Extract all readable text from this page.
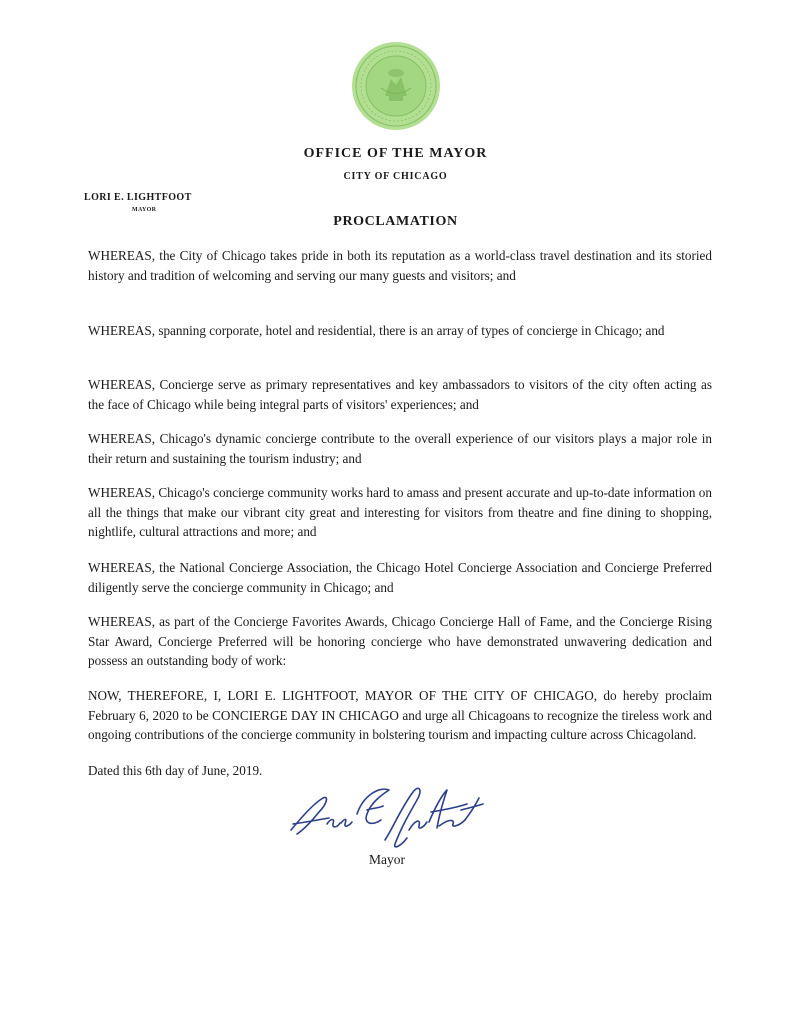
OFFICE OF THE MAYOR
CITY OF CHICAGO
LORI E. LIGHTFOOT
MAYOR
PROCLAMATION

WHEREAS, the City of Chicago takes pride in both its reputation as a world-class travel destination and its storied history and tradition of welcoming and serving our many guests and visitors; and

WHEREAS, spanning corporate, hotel and residential, there is an array of types of concierge in Chicago; and

WHEREAS, Concierge serve as primary representatives and key ambassadors to visitors of the city often acting as the face of Chicago while being integral parts of visitors' experiences; and

WHEREAS, Chicago's dynamic concierge contribute to the overall experience of our visitors plays a major role in their return and sustaining the tourism industry; and

WHEREAS, Chicago's concierge community works hard to amass and present accurate and up-to-date information on all the things that make our vibrant city great and interesting for visitors from theatre and fine dining to shopping, nightlife, cultural attractions and more; and

WHEREAS, the National Concierge Association, the Chicago Hotel Concierge Association and Concierge Preferred diligently serve the concierge community in Chicago; and

WHEREAS, as part of the Concierge Favorites Awards, Chicago Concierge Hall of Fame, and the Concierge Rising Star Award, Concierge Preferred will be honoring concierge who have demonstrated unwavering dedication and possess an outstanding body of work:

NOW, THEREFORE, I, LORI E. LIGHTFOOT, MAYOR OF THE CITY OF CHICAGO, do hereby proclaim February 6, 2020 to be CONCIERGE DAY IN CHICAGO and urge all Chicagoans to recognize the tireless work and ongoing contributions of the concierge community in bolstering tourism and impacting culture across Chicagoland.

Dated this 6th day of June, 2019.
Mayor
